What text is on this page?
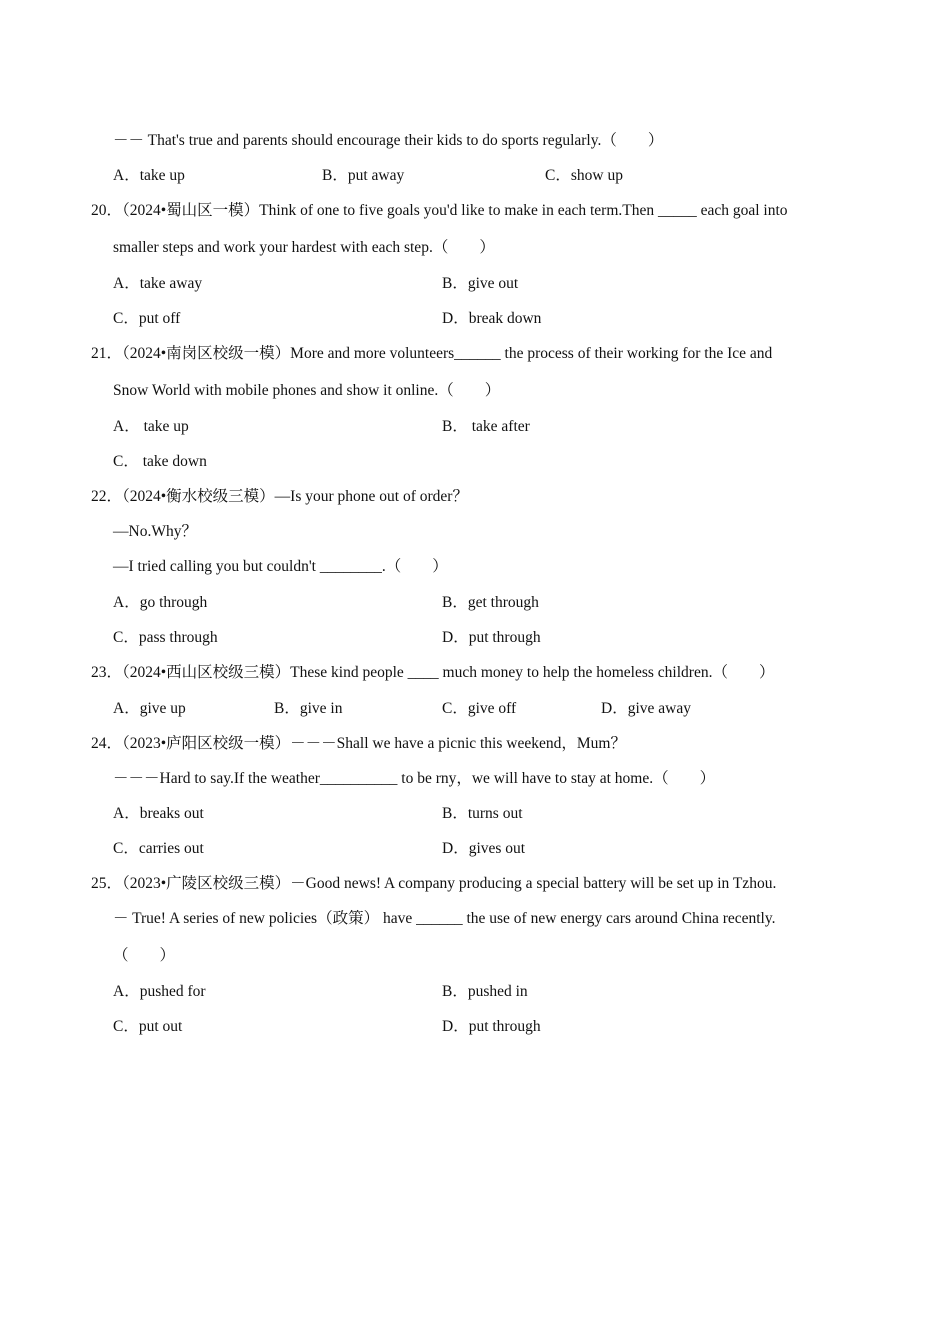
－－ That's true and parents should encourage their kids to do sports regularly.（　　）
A．take up	B．put away	C．show up
20．（2024•蜀山区一模）Think of one to five goals you'd like to make in each term.Then _____ each goal into
smaller steps and work your hardest with each step.（　　）
A．take away	B．give out
C．put off	D．break down
21．（2024•南岗区校级一模）More and more volunteers______ the process of their working for the Ice and
Snow World with mobile phones and show it online.（　　）
A． take up	B． take after
C． take down
22．（2024•衡水校级三模）—Is your phone out of order？
—No.Why？
—I tried calling you but couldn't ________.（　　）
A．go through	B．get through
C．pass through	D．put through
23．（2024•西山区校级三模）These kind people ____ much money to help the homeless children.（　　）
A．give up	B．give in	C．give off	D．give away
24．（2023•庐阳区校级一模）－－－Shall we have a picnic this weekend，Mum？
－－－Hard to say.If the weather__________ to be rny，we will have to stay at home.（　　）
A．breaks out	B．turns out
C．carries out	D．gives out
25．（2023•广陵区校级三模）－Good news! A company producing a special battery will be set up in Tzhou.
－ True! A series of new policies（政策） have ______ the use of new energy cars around China recently.
（　　）
A．pushed for	B．pushed in
C．put out	D．put through
